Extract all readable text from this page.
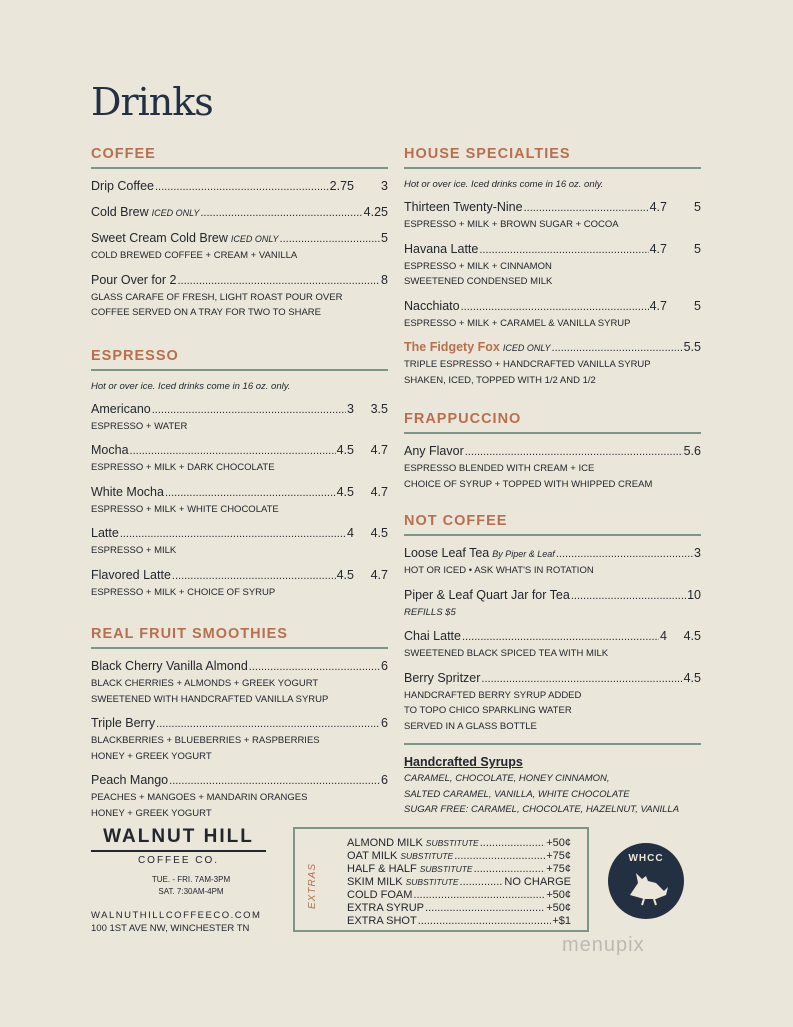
Drinks
COFFEE
Drip Coffee .....	2.75	3
Cold Brew ICED ONLY .....	4.25
Sweet Cream Cold Brew ICED ONLY .....	5
COLD BREWED COFFEE + CREAM + VANILLA
Pour Over for 2 .....	8
GLASS CARAFE OF FRESH, LIGHT ROAST POUR OVER
COFFEE SERVED ON A TRAY FOR TWO TO SHARE
ESPRESSO
Hot or over ice. Iced drinks come in 16 oz. only.
Americano .....	3	3.5
ESPRESSO + WATER
Mocha .....	4.5	4.7
ESPRESSO + MILK + DARK CHOCOLATE
White Mocha .....	4.5	4.7
ESPRESSO + MILK + WHITE CHOCOLATE
Latte .....	4	4.5
ESPRESSO + MILK
Flavored Latte .....	4.5	4.7
ESPRESSO + MILK + CHOICE OF SYRUP
REAL FRUIT SMOOTHIES
Black Cherry Vanilla Almond .....	6
BLACK CHERRIES + ALMONDS + GREEK YOGURT
SWEETENED WITH HANDCRAFTED VANILLA SYRUP
Triple Berry .....	6
BLACKBERRIES + BLUEBERRIES + RASPBERRIES
HONEY + GREEK YOGURT
Peach Mango .....	6
PEACHES + MANGOES + MANDARIN ORANGES
HONEY + GREEK YOGURT
HOUSE SPECIALTIES
Hot or over ice. Iced drinks come in 16 oz. only.
Thirteen Twenty-Nine .....	4.7	5
ESPRESSO + MILK + BROWN SUGAR + COCOA
Havana Latte .....	4.7	5
ESPRESSO + MILK + CINNAMON
SWEETENED CONDENSED MILK
Nacchiato .....	4.7	5
ESPRESSO + MILK + CARAMEL & VANILLA SYRUP
The Fidgety Fox ICED ONLY .....	5.5
TRIPLE ESPRESSO + HANDCRAFTED VANILLA SYRUP
SHAKEN, ICED, TOPPED WITH 1/2 AND 1/2
FRAPPUCCINO
Any Flavor .....	5.6
ESPRESSO BLENDED WITH CREAM + ICE
CHOICE OF SYRUP + TOPPED WITH WHIPPED CREAM
NOT COFFEE
Loose Leaf Tea By Piper & Leaf .....	3
HOT OR ICED • ASK WHAT'S IN ROTATION
Piper & Leaf Quart Jar for Tea .....	10
REFILLS $5
Chai Latte .....	4	4.5
SWEETENED BLACK SPICED TEA WITH MILK
Berry Spritzer .....	4.5
HANDCRAFTED BERRY SYRUP ADDED
TO TOPO CHICO SPARKLING WATER
SERVED IN A GLASS BOTTLE
Handcrafted Syrups
CARAMEL, CHOCOLATE, HONEY CINNAMON,
SALTED CARAMEL, VANILLA, WHITE CHOCOLATE
SUGAR FREE: CARAMEL, CHOCOLATE, HAZELNUT, VANILLA
WALNUT HILL
COFFEE CO.
TUE. - FRI. 7AM-3PM
SAT. 7:30AM-4PM
WALNUTHILLCOFFEECO.COM
100 1ST AVE NW, WINCHESTER TN
EXTRAS
ALMOND MILK SUBSTITUTE .....	+50¢
OAT MILK SUBSTITUTE .....	+75¢
HALF & HALF SUBSTITUTE .....	+75¢
SKIM MILK SUBSTITUTE .....	NO CHARGE
COLD FOAM .....	+50¢
EXTRA SYRUP .....	+50¢
EXTRA SHOT .....	+$1
WHCC
menupix
